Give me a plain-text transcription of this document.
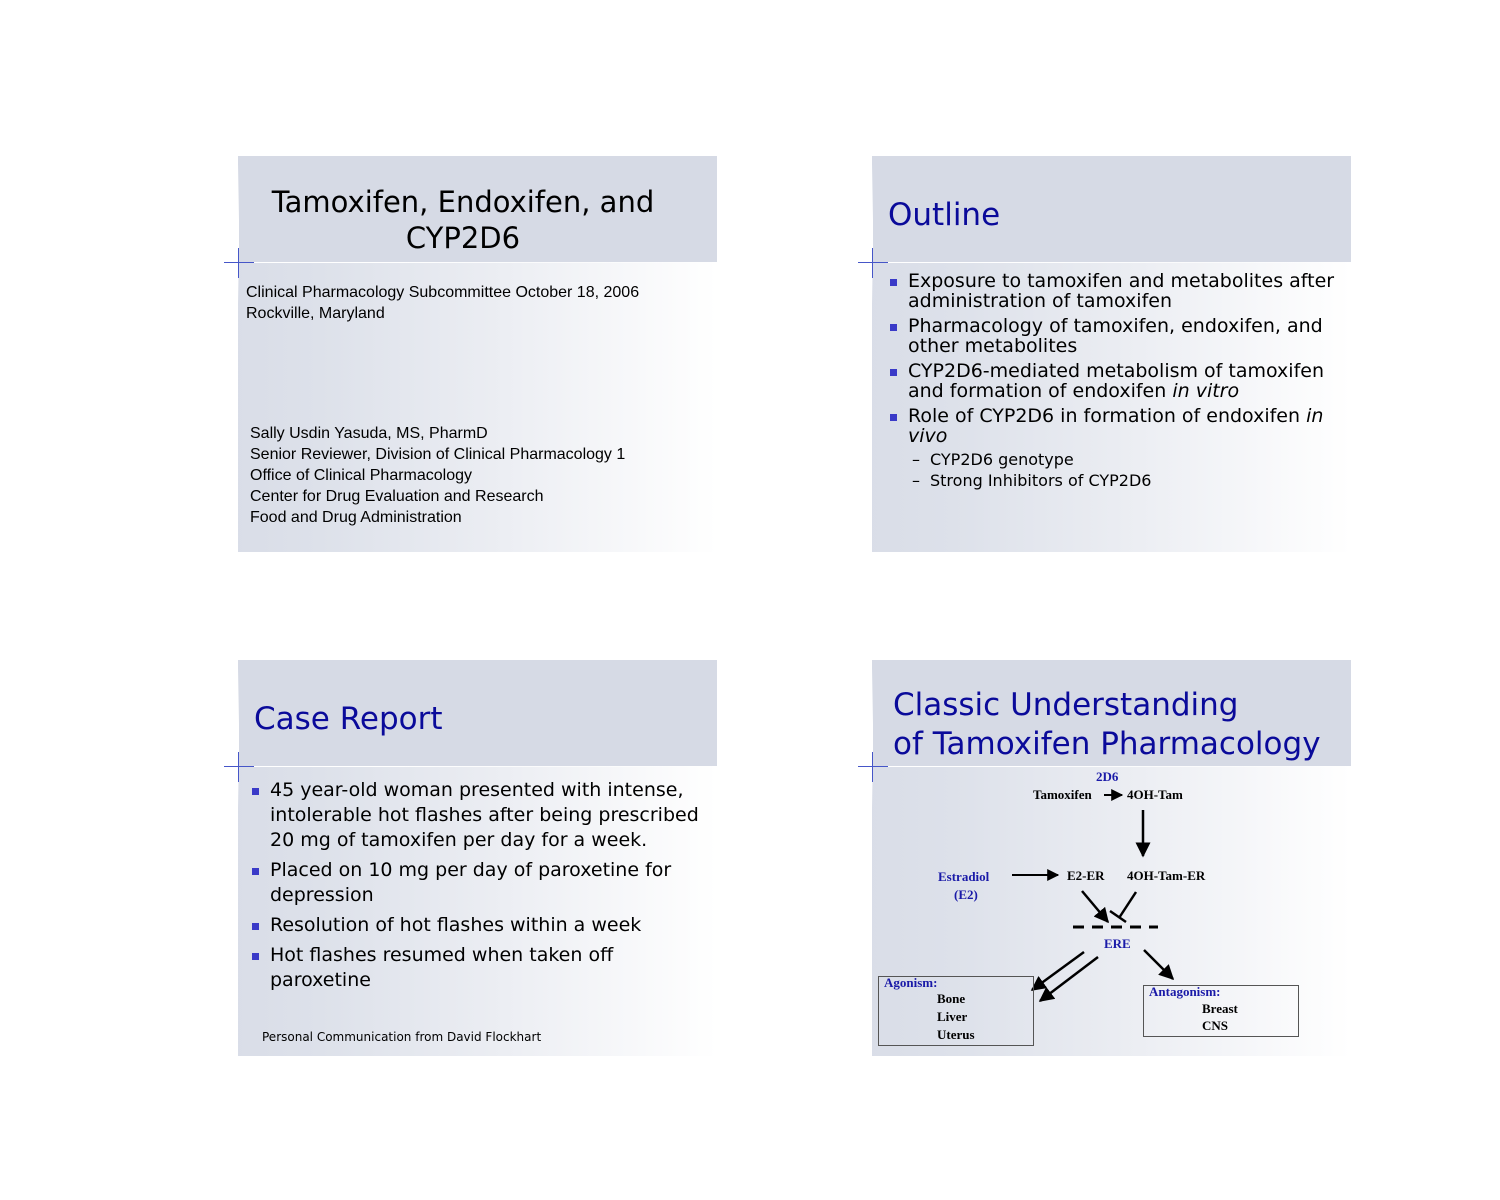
Tamoxifen, Endoxifen, and CYP2D6
Clinical Pharmacology Subcommittee October 18, 2006
Rockville, Maryland
Sally Usdin Yasuda, MS, PharmD
Senior Reviewer, Division of Clinical Pharmacology 1
Office of Clinical Pharmacology
Center for Drug Evaluation and Research
Food and Drug Administration
Outline
Exposure to tamoxifen and metabolites after
administration of tamoxifen
Pharmacology of tamoxifen, endoxifen, and
other metabolites
CYP2D6-mediated metabolism of tamoxifen
and formation of endoxifen in vitro
Role of CYP2D6 in formation of endoxifen in
vivo
– CYP2D6 genotype
– Strong Inhibitors of CYP2D6
Case Report
45 year-old woman presented with intense,
intolerable hot flashes after being prescribed
20 mg of tamoxifen per day for a week.
Placed on 10 mg per day of paroxetine for
depression
Resolution of hot flashes within a week
Hot flashes resumed when taken off paroxetine
Personal Communication from David Flockhart
Classic Understanding
of Tamoxifen Pharmacology
2D6
Tamoxifen	4OH-Tam
Estradiol
(E2)
E2-ER 4OH-Tam-ER
ERE
Agonism:
Bone
Liver
Uterus
Antagonism:
Breast
CNS
